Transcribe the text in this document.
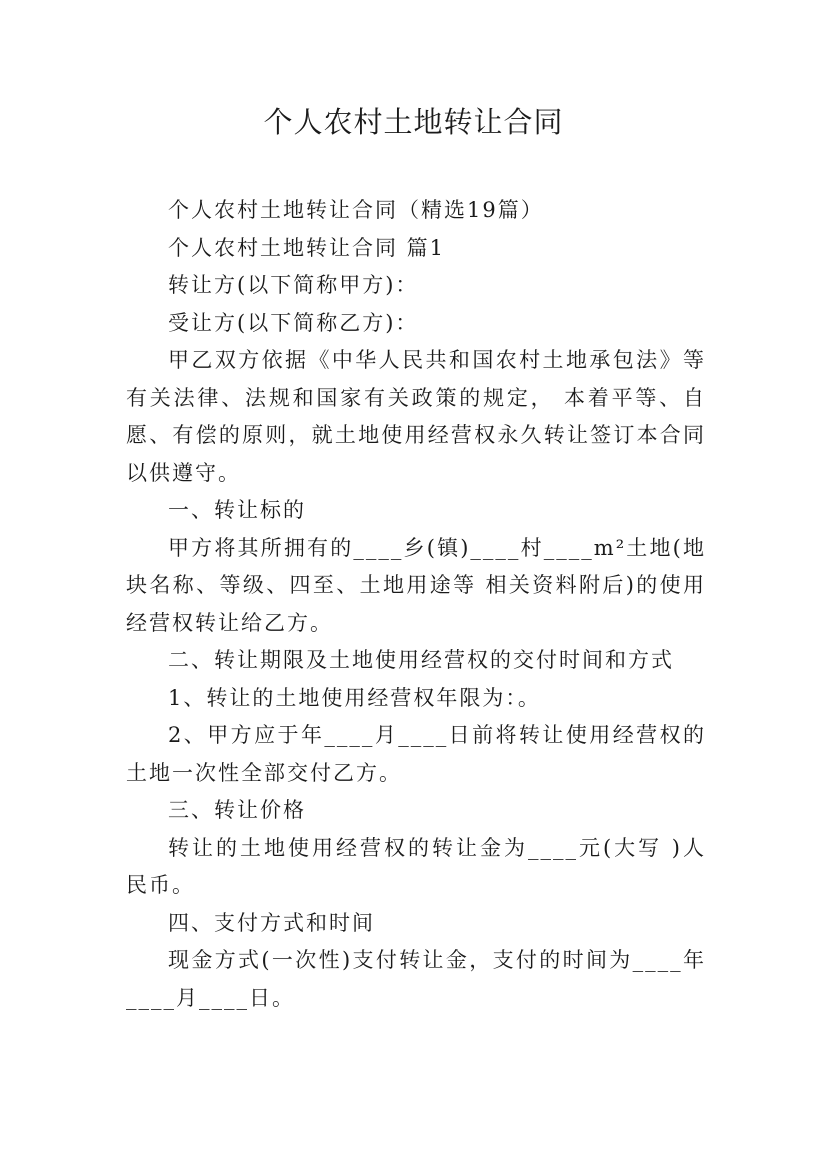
个人农村土地转让合同

个人农村土地转让合同（精选19篇）

个人农村土地转让合同 篇1

转让方(以下简称甲方)：

受让方(以下简称乙方)：

甲乙双方依据《中华人民共和国农村土地承包法》等有关法律、法规和国家有关政策的规定， 本着平等、自愿、有偿的原则，就土地使用经营权永久转让签订本合同以供遵守。

一、转让标的

甲方将其所拥有的____乡(镇)____村____m²土地(地块名称、等级、四至、土地用途等 相关资料附后)的使用经营权转让给乙方。

二、转让期限及土地使用经营权的交付时间和方式

1、转让的土地使用经营权年限为：。

2、甲方应于年____月____日前将转让使用经营权的土地一次性全部交付乙方。

三、转让价格

转让的土地使用经营权的转让金为____元(大写 )人民币。

四、支付方式和时间

现金方式(一次性)支付转让金，支付的时间为____年____月____日。
